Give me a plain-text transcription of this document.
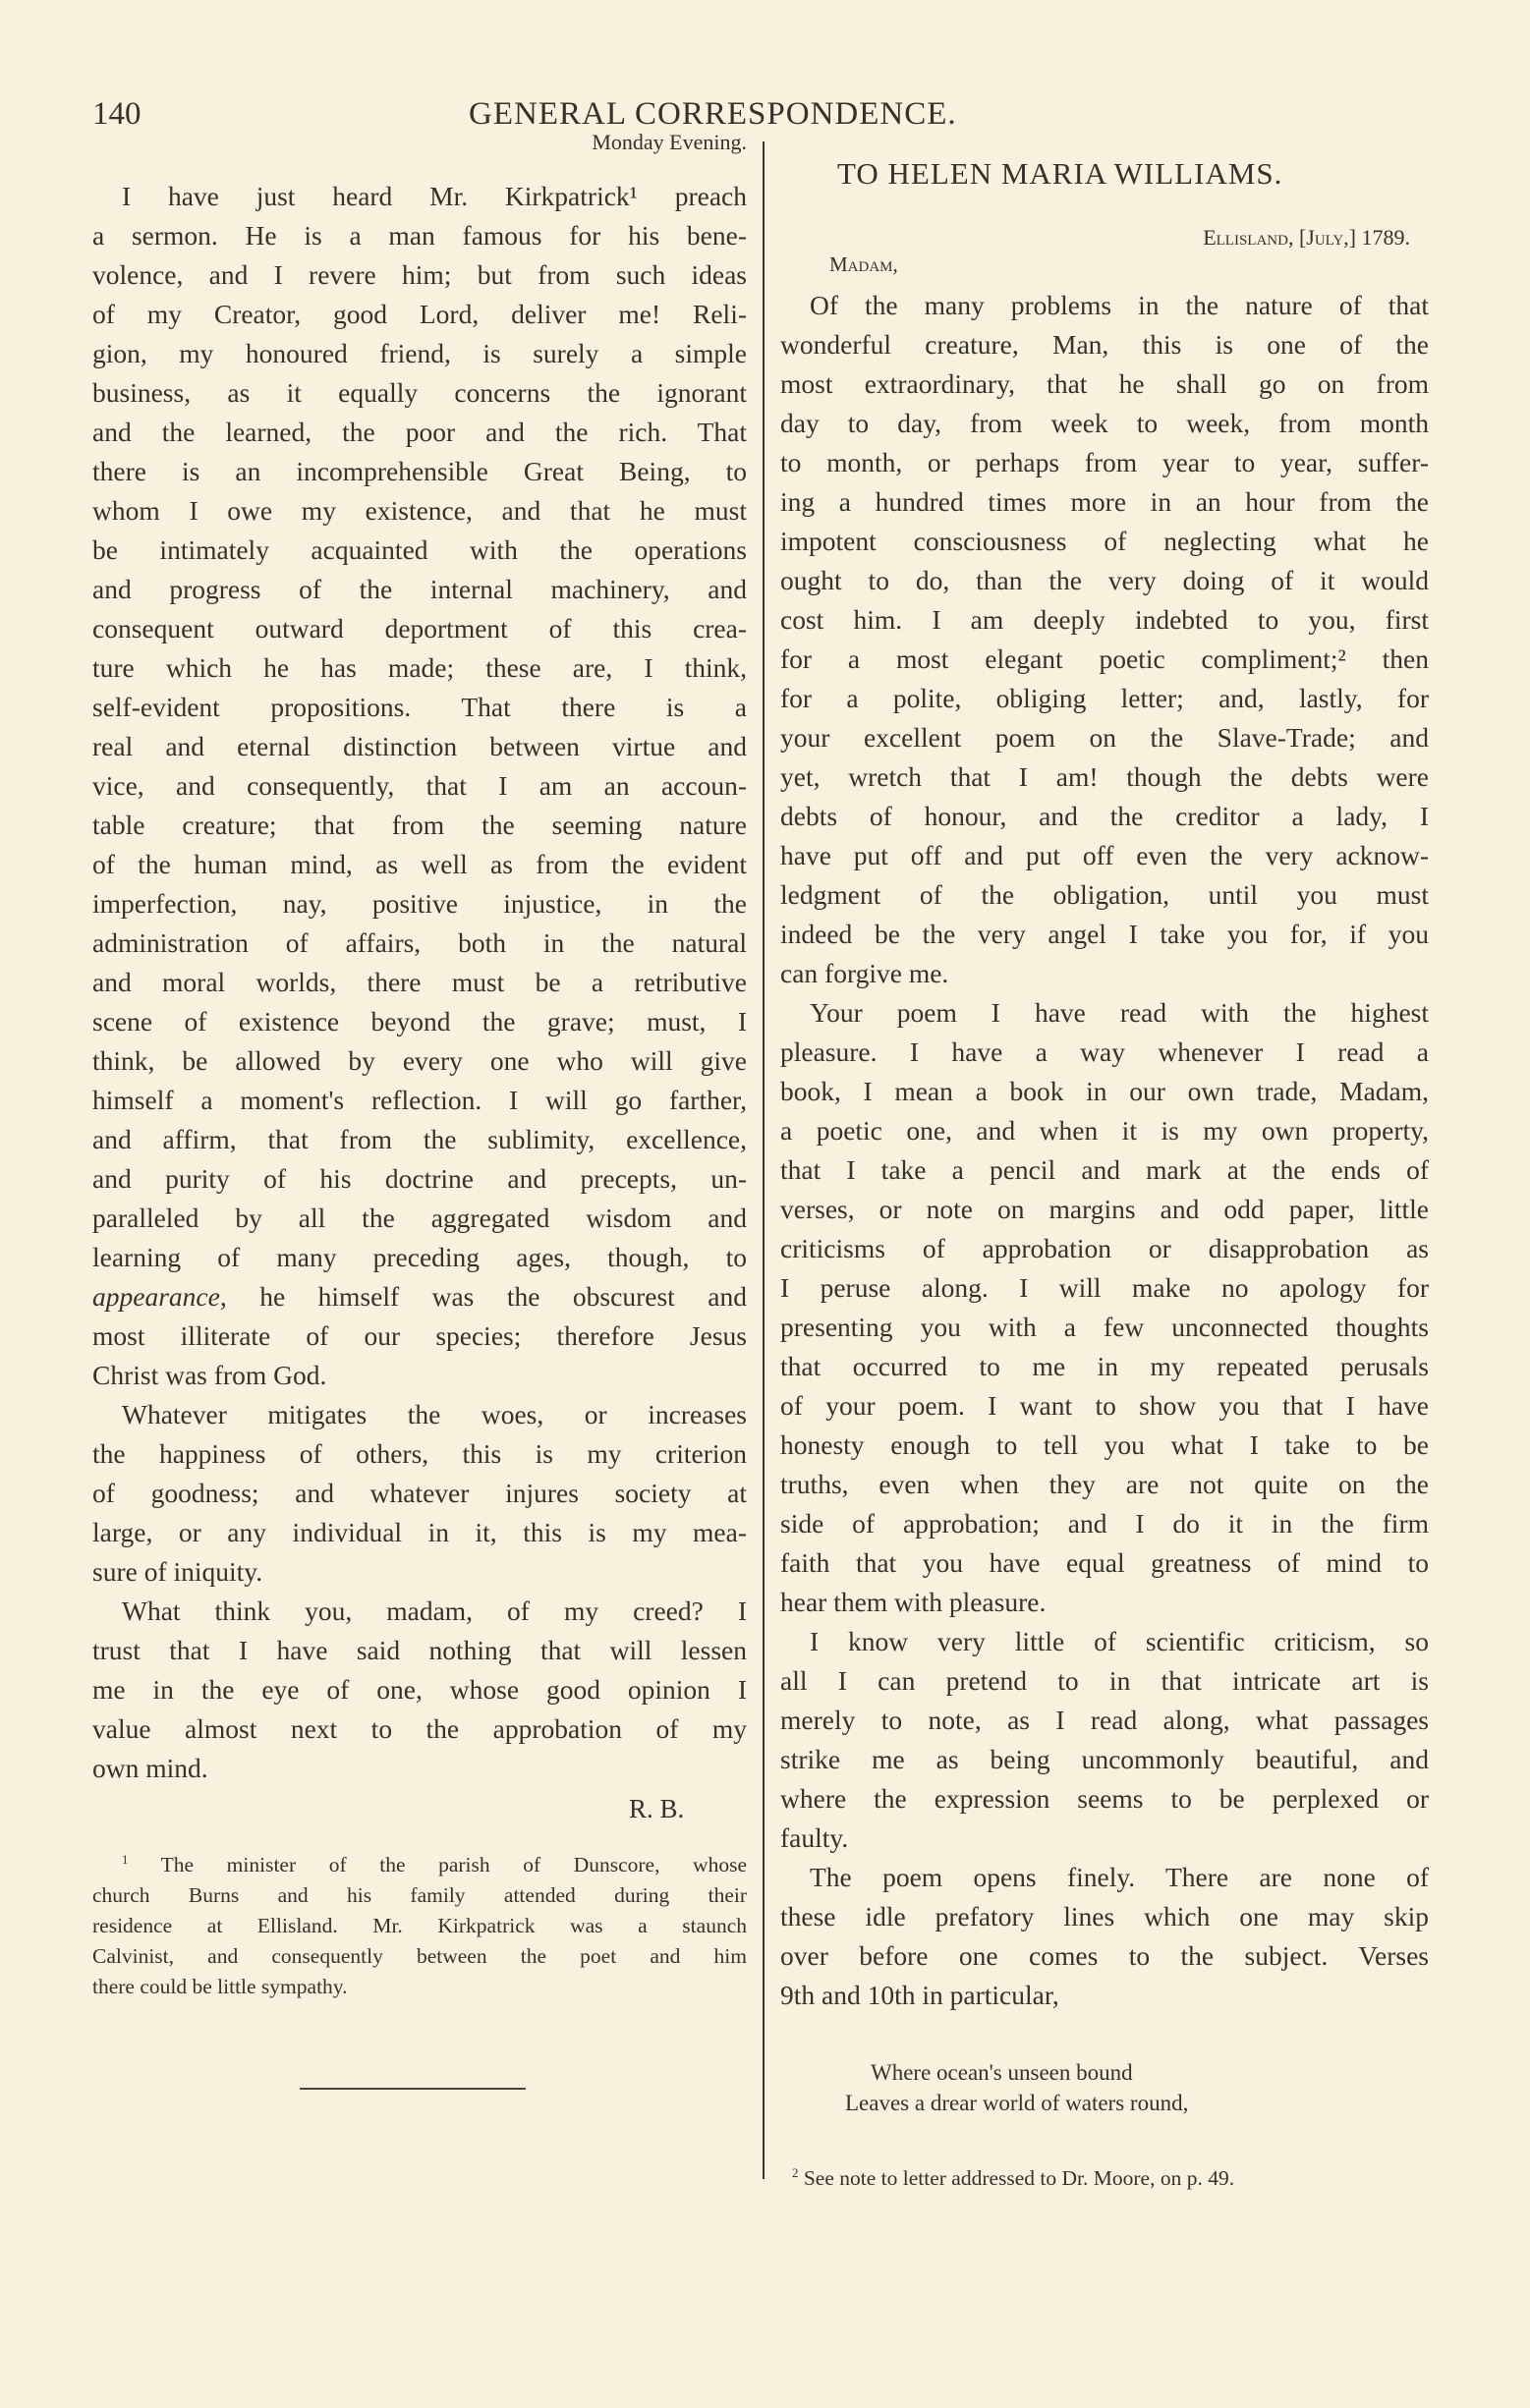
140	GENERAL CORRESPONDENCE.
Monday Evening.
I have just heard Mr. Kirkpatrick¹ preach
a sermon. He is a man famous for his bene-
volence, and I revere him; but from such ideas
of my Creator, good Lord, deliver me! Reli-
gion, my honoured friend, is surely a simple
business, as it equally concerns the ignorant
and the learned, the poor and the rich. That
there is an incomprehensible Great Being, to
whom I owe my existence, and that he must
be intimately acquainted with the operations
and progress of the internal machinery, and
consequent outward deportment of this crea-
ture which he has made; these are, I think,
self-evident propositions. That there is a
real and eternal distinction between virtue and
vice, and consequently, that I am an accoun-
table creature; that from the seeming nature
of the human mind, as well as from the evident
imperfection, nay, positive injustice, in the
administration of affairs, both in the natural
and moral worlds, there must be a retributive
scene of existence beyond the grave; must, I
think, be allowed by every one who will give
himself a moment's reflection. I will go farther,
and affirm, that from the sublimity, excellence,
and purity of his doctrine and precepts, un-
paralleled by all the aggregated wisdom and
learning of many preceding ages, though, to
appearance, he himself was the obscurest and
most illiterate of our species; therefore Jesus
Christ was from God.
Whatever mitigates the woes, or increases
the happiness of others, this is my criterion
of goodness; and whatever injures society at
large, or any individual in it, this is my mea-
sure of iniquity.
What think you, madam, of my creed? I
trust that I have said nothing that will lessen
me in the eye of one, whose good opinion I
value almost next to the approbation of my
own mind.
R. B.
$^1$ The minister of the parish of Dunscore, whose
church Burns and his family attended during their
residence at Ellisland. Mr. Kirkpatrick was a staunch
Calvinist, and consequently between the poet and him
there could be little sympathy.
TO HELEN MARIA WILLIAMS.
Ellisland, [July,] 1789.
Madam,
Of the many problems in the nature of that
wonderful creature, Man, this is one of the
most extraordinary, that he shall go on from
day to day, from week to week, from month
to month, or perhaps from year to year, suffer-
ing a hundred times more in an hour from the
impotent consciousness of neglecting what he
ought to do, than the very doing of it would
cost him. I am deeply indebted to you, first
for a most elegant poetic compliment;² then
for a polite, obliging letter; and, lastly, for
your excellent poem on the Slave-Trade; and
yet, wretch that I am! though the debts were
debts of honour, and the creditor a lady, I
have put off and put off even the very acknow-
ledgment of the obligation, until you must
indeed be the very angel I take you for, if you
can forgive me.
Your poem I have read with the highest
pleasure. I have a way whenever I read a
book, I mean a book in our own trade, Madam,
a poetic one, and when it is my own property,
that I take a pencil and mark at the ends of
verses, or note on margins and odd paper, little
criticisms of approbation or disapprobation as
I peruse along. I will make no apology for
presenting you with a few unconnected thoughts
that occurred to me in my repeated perusals
of your poem. I want to show you that I have
honesty enough to tell you what I take to be
truths, even when they are not quite on the
side of approbation; and I do it in the firm
faith that you have equal greatness of mind to
hear them with pleasure.
I know very little of scientific criticism, so
all I can pretend to in that intricate art is
merely to note, as I read along, what passages
strike me as being uncommonly beautiful, and
where the expression seems to be perplexed or
faulty.
The poem opens finely. There are none of
these idle prefatory lines which one may skip
over before one comes to the subject. Verses
9th and 10th in particular,
Where ocean's unseen bound
Leaves a drear world of waters round,
$^2$ See note to letter addressed to Dr. Moore, on p. 49.
